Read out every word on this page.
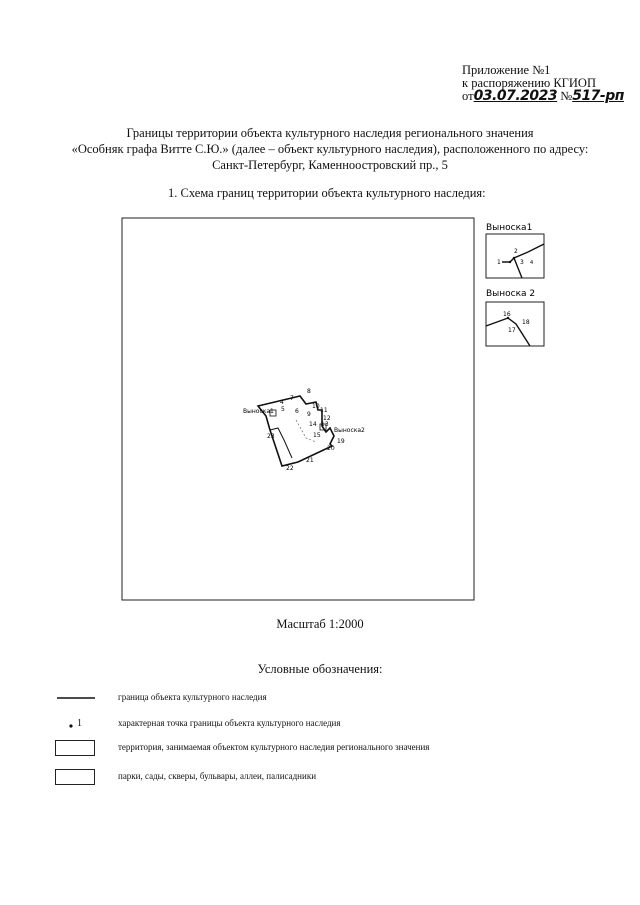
Приложение №1
к распоряжению КГИОП
от03.07.2023 №517-рп
Границы территории объекта культурного наследия регионального значения
«Особняк графа Витте С.Ю.» (далее – объект культурного наследия), расположенного по адресу:
Санкт-Петербург, Каменноостровский пр., 5
1. Схема границ территории объекта культурного наследия:
Выноска1
Выноска2
4
5 6
7
8
9
10
11
12
13
14
15
19
20
21
22
23
2
1	3 4
Выноска1
16
17
18
Выноска 2
Масштаб 1:2000
Условные обозначения:
граница объекта культурного наследия
1	характерная точка границы объекта культурного наследия
территория, занимаемая объектом культурного наследия регионального значения
парки, сады, скверы, бульвары, аллеи, палисадники
